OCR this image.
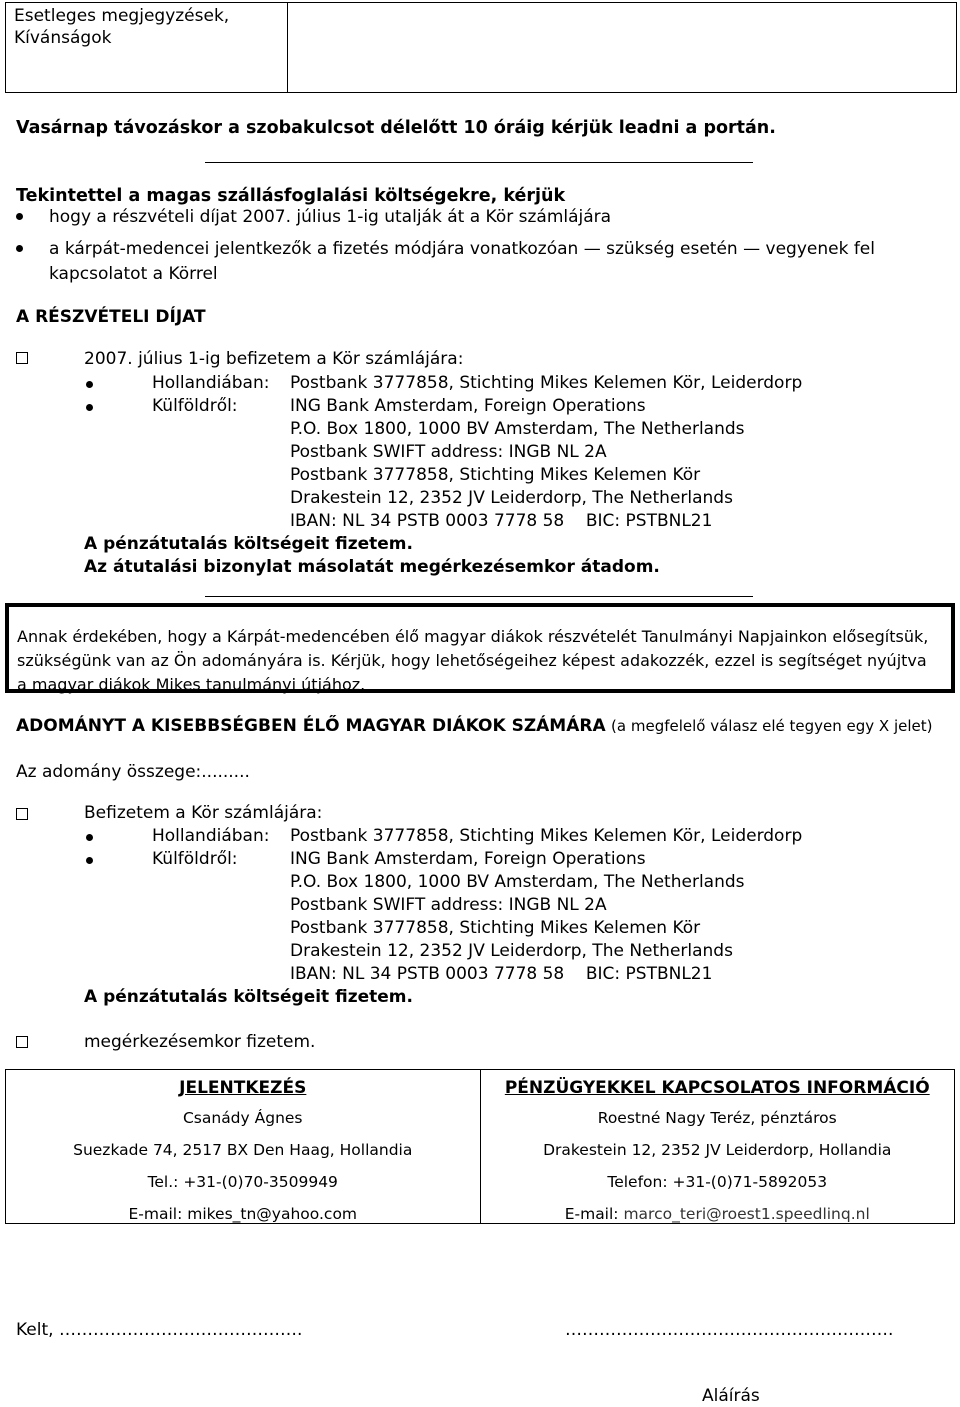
Esetleges megjegyzések,
Kívánságok
Vasárnap távozáskor a szobakulcsot délelőtt 10 óráig kérjük leadni a portán.
Tekintettel a magas szállásfoglalási költségekre, kérjük
hogy a részvételi díjat 2007. július 1-ig utalják át a Kör számlájára
a kárpát-medencei jelentkezők a fizetés módjára vonatkozóan — szükség esetén — vegyenek fel
kapcsolatot a Körrel
A RÉSZVÉTELI DÍJAT
2007. július 1-ig befizetem a Kör számlájára:
Hollandiában: Postbank 3777858, Stichting Mikes Kelemen Kör, Leiderdorp
Külföldről:	ING Bank Amsterdam, Foreign Operations
P.O. Box 1800, 1000 BV Amsterdam, The Netherlands
Postbank SWIFT address: INGB NL 2A
Postbank 3777858, Stichting Mikes Kelemen Kör
Drakestein 12, 2352 JV Leiderdorp, The Netherlands
IBAN: NL 34 PSTB 0003 7778 58    BIC: PSTBNL21
A pénzátutalás költségeit fizetem.
Az átutalási bizonylat másolatát megérkezésemkor átadom.
Annak érdekében, hogy a Kárpát-medencében élő magyar diákok részvételét Tanulmányi Napjainkon elősegítsük,
szükségünk van az Ön adományára is. Kérjük, hogy lehetőségeihez képest adakozzék, ezzel is segítséget nyújtva
a magyar diákok Mikes tanulmányi útjához.
ADOMÁNYT A KISEBBSÉGBEN ÉLŐ MAGYAR DIÁKOK SZÁMÁRA (a megfelelő válasz elé tegyen egy X jelet)
Az adomány összege:.........
Befizetem a Kör számlájára:
Hollandiában: Postbank 3777858, Stichting Mikes Kelemen Kör, Leiderdorp
Külföldről:	ING Bank Amsterdam, Foreign Operations
P.O. Box 1800, 1000 BV Amsterdam, The Netherlands
Postbank SWIFT address: INGB NL 2A
Postbank 3777858, Stichting Mikes Kelemen Kör
Drakestein 12, 2352 JV Leiderdorp, The Netherlands
IBAN: NL 34 PSTB 0003 7778 58    BIC: PSTBNL21
A pénzátutalás költségeit fizetem.
megérkezésemkor fizetem.
JELENTKEZÉS
Csanády Ágnes
Suezkade 74, 2517 BX Den Haag, Hollandia
Tel.: +31-(0)70-3509949
E-mail: mikes_tn@yahoo.com
PÉNZÜGYEKKEL KAPCSOLATOS INFORMÁCIÓ
Roestné Nagy Teréz, pénztáros
Drakestein 12, 2352 JV Leiderdorp, Hollandia
Telefon: +31-(0)71-5892053
E-mail: marco_teri@roest1.speedlinq.nl
Kelt, …………………………………….	………………………………………………….
Aláírás
